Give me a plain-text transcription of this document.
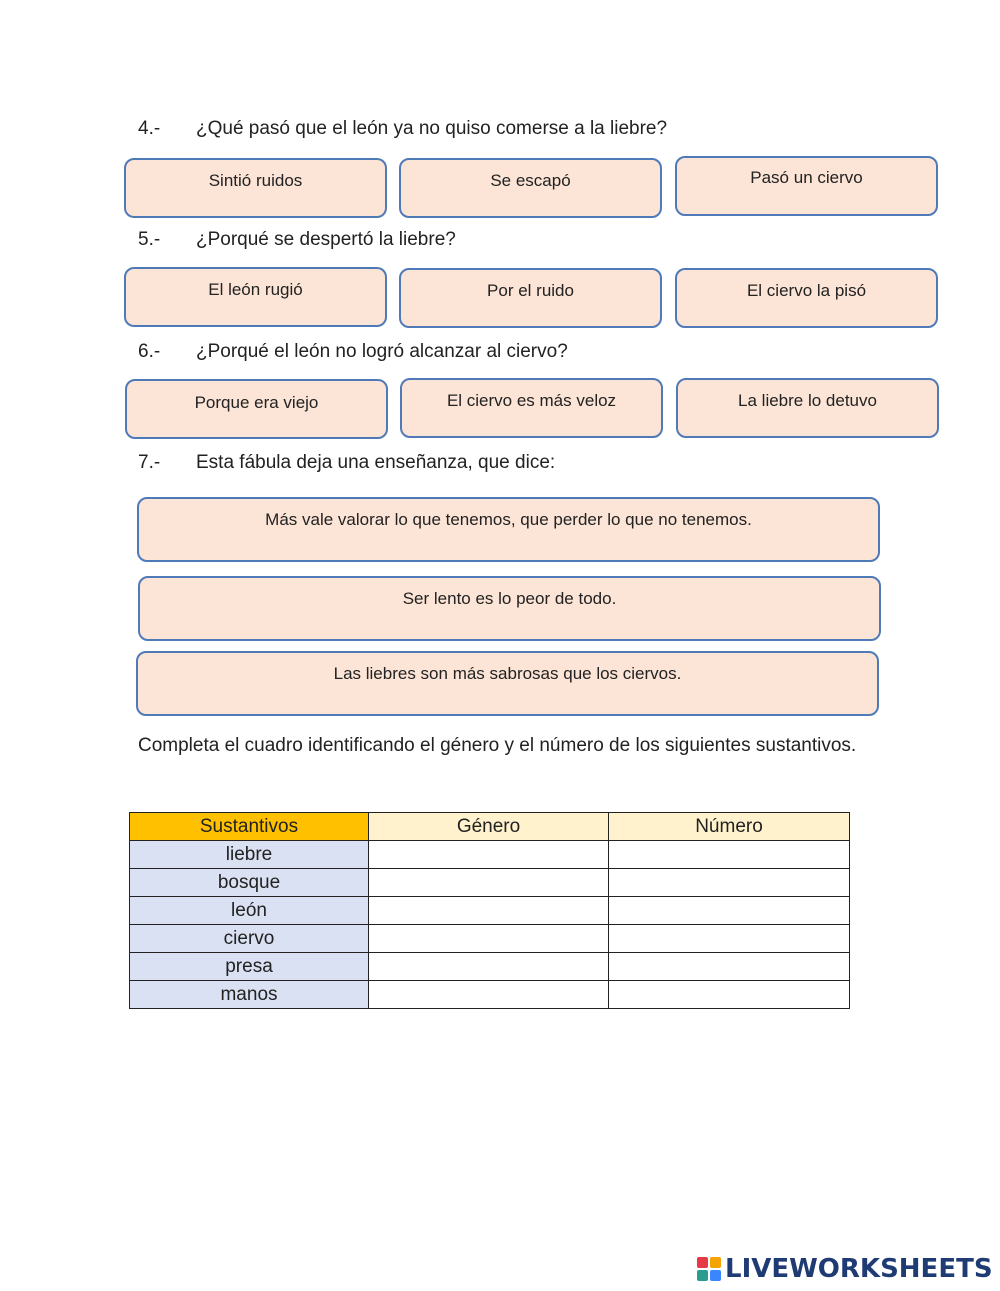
4.- ¿Qué pasó que el león ya no quiso comerse a la liebre?
Sintió ruidos	Se escapó	Pasó un ciervo
5.- ¿Porqué se despertó la liebre?
El león rugió	Por el ruido	El ciervo la pisó
6.- ¿Porqué el león no logró alcanzar al ciervo?
Porque era viejo	El ciervo es más veloz	La liebre lo detuvo
7.- Esta fábula deja una enseñanza, que dice:
Más vale valorar lo que tenemos, que perder lo que no tenemos.
Ser lento es lo peor de todo.
Las liebres son más sabrosas que los ciervos.
Completa el cuadro identificando el género y el número de los siguientes sustantivos.
Sustantivos	Género	Número
liebre		
bosque		
león		
ciervo		
presa		
manos		
LIVEWORKSHEETS
